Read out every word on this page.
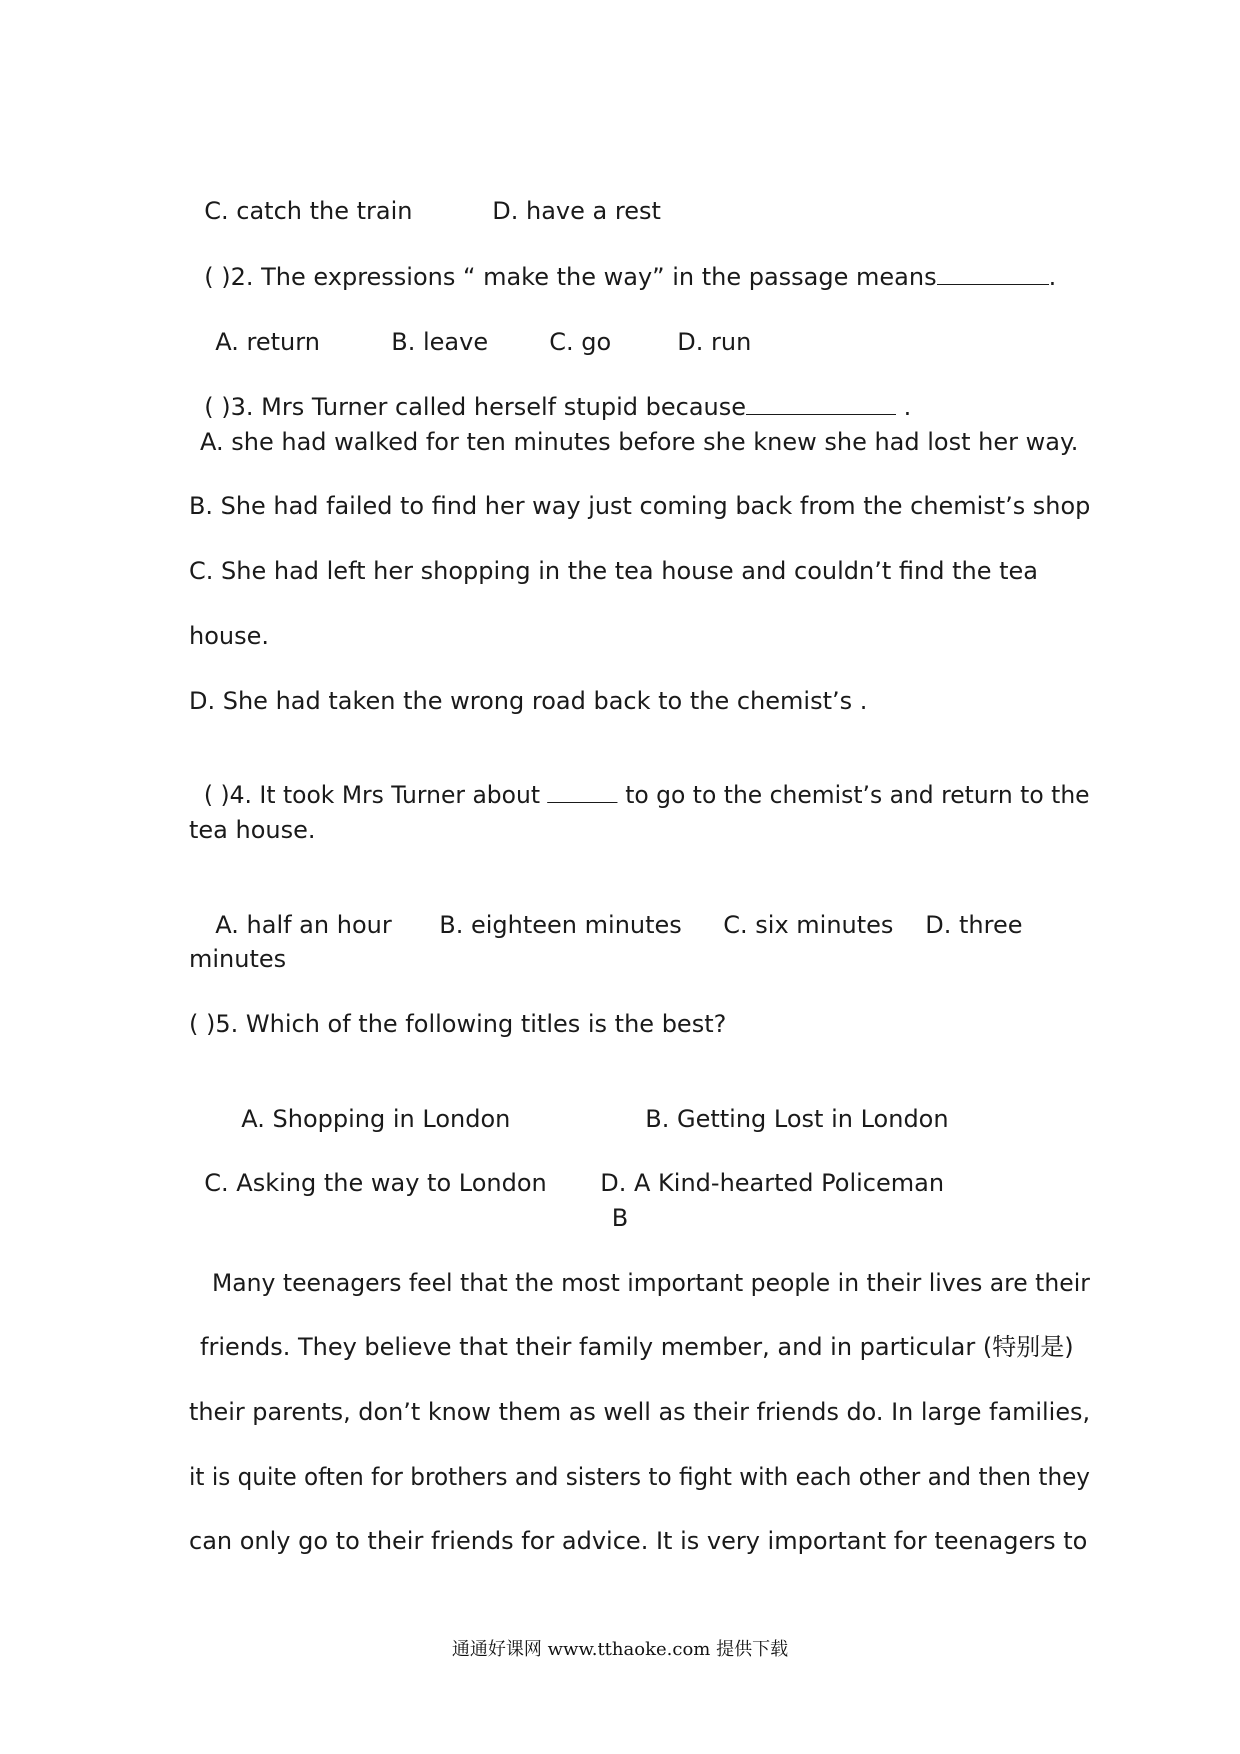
C. catch the train	D. have a rest

( )2. The expressions “ make the way” in the passage means	.

A. return	B. leave	C. go	D. run

( )3. Mrs Turner called herself stupid because	.

A. she had walked for ten minutes before she knew she had lost her way.
B. She had failed to find her way just coming back from the chemist’s shop
C. She had left her shopping in the tea house and couldn’t find the tea
house.
D. She had taken the wrong road back to the chemist’s .

( )4. It took Mrs Turner about	to go to the chemist’s and return to the

tea house.

A. half an hour B. eighteen minutes C. six minutes D. three

minutes
( )5. Which of the following titles is the best?

A. Shopping in London	B. Getting Lost in London

C. Asking the way to London D. A Kind-hearted Policeman

B
Many teenagers feel that the most important people in their lives are their
friends. They believe that their family member, and in particular (特别是)
their parents, don’t know them as well as their friends do. In large families,
it is quite often for brothers and sisters to fight with each other and then they
can only go to their friends for advice. It is very important for teenagers to
通通好课网 www.tthaoke.com 提供下载
